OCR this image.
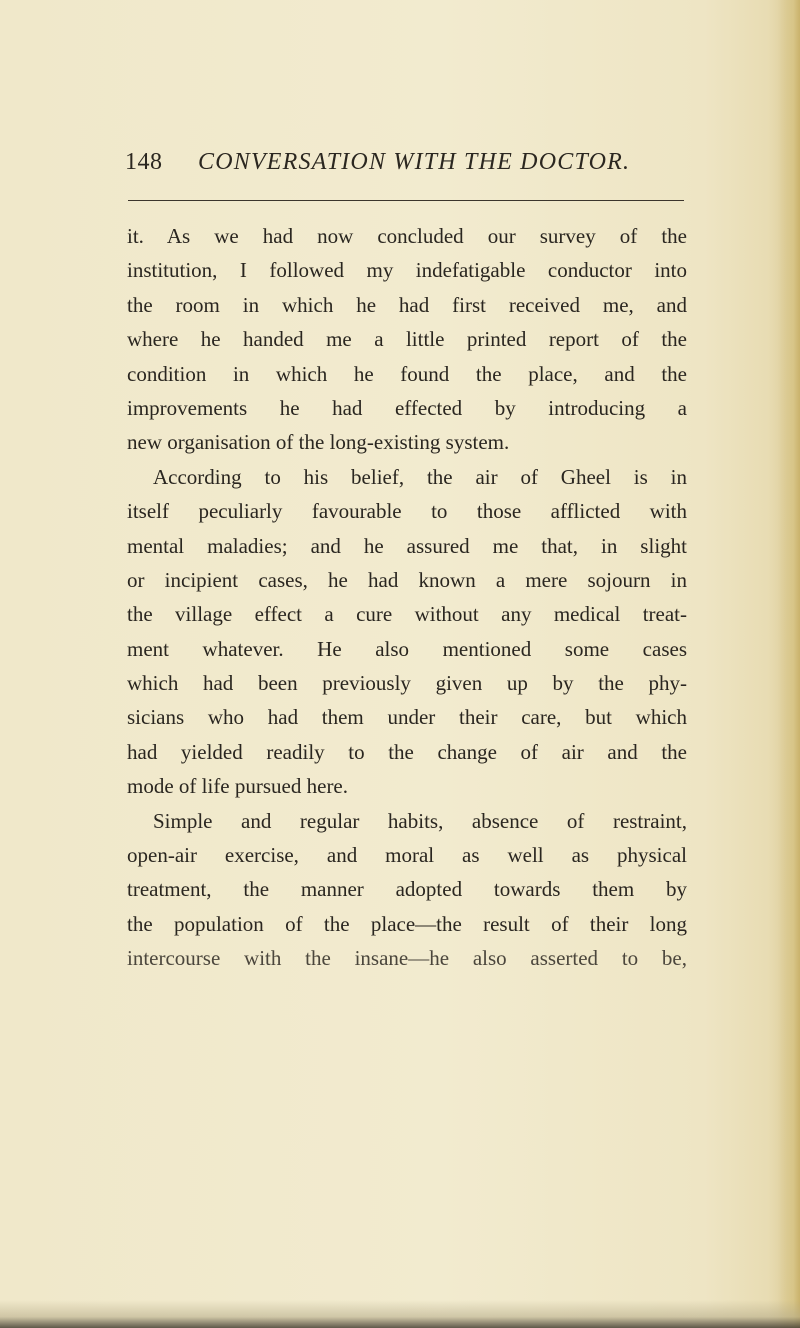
148 CONVERSATION WITH THE DOCTOR.
it. As we had now concluded our survey of the
institution, I followed my indefatigable conductor into
the room in which he had first received me, and
where he handed me a little printed report of the
condition in which he found the place, and the
improvements he had effected by introducing a
new organisation of the long-existing system.
According to his belief, the air of Gheel is in
itself peculiarly favourable to those afflicted with
mental maladies; and he assured me that, in slight
or incipient cases, he had known a mere sojourn in
the village effect a cure without any medical treat-
ment whatever. He also mentioned some cases
which had been previously given up by the phy-
sicians who had them under their care, but which
had yielded readily to the change of air and the
mode of life pursued here.
Simple and regular habits, absence of restraint,
open-air exercise, and moral as well as physical
treatment, the manner adopted towards them by
the population of the place—the result of their long
intercourse with the insane—he also asserted to be,
